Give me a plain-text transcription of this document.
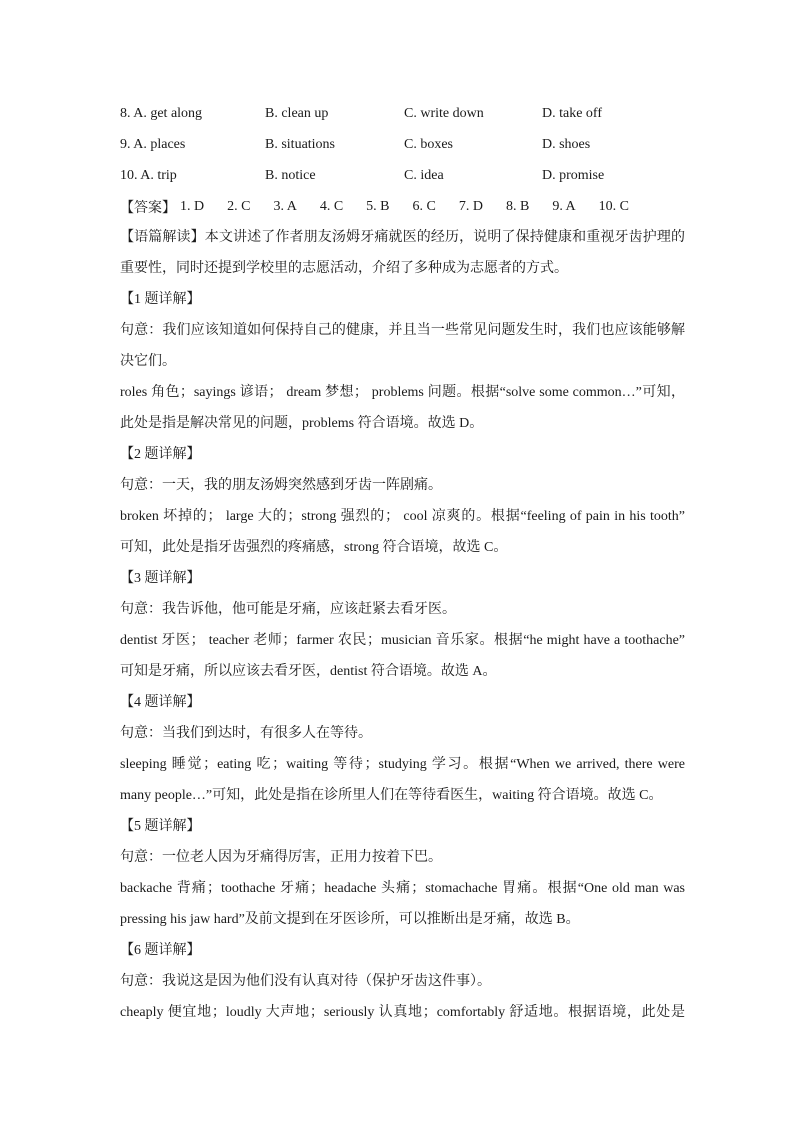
8. A. get along	B. clean up	C. write down	D. take off
9. A. places	B. situations	C. boxes	D. shoes
10. A. trip	B. notice	C. idea	D. promise
【答案】 1. D 2. C 3. A 4. C 5. B 6. C 7. D 8. B 9. A 10. C
【语篇解读】本文讲述了作者朋友汤姆牙痛就医的经历，说明了保持健康和重视牙齿护理的
重要性，同时还提到学校里的志愿活动，介绍了多种成为志愿者的方式。
【1 题详解】
句意：我们应该知道如何保持自己的健康，并且当一些常见问题发生时，我们也应该能够解
决它们。
roles 角色；sayings 谚语； dream 梦想； problems 问题。根据“solve some common…”可知，
此处是指是解决常见的问题，problems 符合语境。故选 D。
【2 题详解】
句意：一天，我的朋友汤姆突然感到牙齿一阵剧痛。
broken 坏掉的； large 大的；strong 强烈的； cool 凉爽的。根据“feeling of pain in his tooth”
可知，此处是指牙齿强烈的疼痛感，strong 符合语境，故选 C。
【3 题详解】
句意：我告诉他，他可能是牙痛，应该赶紧去看牙医。
dentist 牙医； teacher 老师；farmer 农民；musician 音乐家。根据“he might have a toothache”
可知是牙痛，所以应该去看牙医，dentist 符合语境。故选 A。
【4 题详解】
句意：当我们到达时，有很多人在等待。
sleeping 睡觉；eating 吃；waiting 等待；studying 学习。根据“When we arrived, there were
many people…”可知，此处是指在诊所里人们在等待看医生，waiting 符合语境。故选 C。
【5 题详解】
句意：一位老人因为牙痛得厉害，正用力按着下巴。
backache 背痛；toothache 牙痛；headache 头痛；stomachache 胃痛。根据“One old man was
pressing his jaw hard”及前文提到在牙医诊所，可以推断出是牙痛，故选 B。
【6 题详解】
句意：我说这是因为他们没有认真对待（保护牙齿这件事）。
cheaply 便宜地；loudly 大声地；seriously 认真地；comfortably 舒适地。根据语境，此处是
